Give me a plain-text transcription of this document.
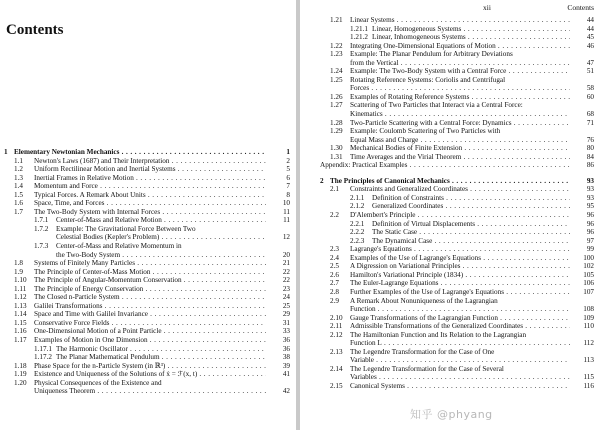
Contents
1 Elementary Newtonian Mechanics . . .	1
1.1 Newton's Laws (1687) and Their Interpretation . . .	2
1.2 Uniform Rectilinear Motion and Inertial Systems . . .	5
1.3 Inertial Frames in Relative Motion . . .	6
1.4 Momentum and Force . . .	7
1.5 Typical Forces. A Remark About Units . . .	8
1.6 Space, Time, and Forces . . .	10
1.7 The Two-Body System with Internal Forces . . .	11
1.7.1 Center-of-Mass and Relative Motion . . .	11
1.7.2 Example: The Gravitational Force Between Two
Celestial Bodies (Kepler's Problem) . . .	12
1.7.3 Center-of-Mass and Relative Momentum in
the Two-Body System . . .	20
1.8 Systems of Finitely Many Particles . . .	21
1.9 The Principle of Center-of-Mass Motion . . .	22
1.10 The Principle of Angular-Momentum Conservation . . .	22
1.11 The Principle of Energy Conservation . . .	23
1.12 The Closed n-Particle System . . .	24
1.13 Galilei Transformations . . .	25
1.14 Space and Time with Galilei Invariance . . .	29
1.15 Conservative Force Fields . . .	31
1.16 One-Dimensional Motion of a Point Particle . . .	33
1.17 Examples of Motion in One Dimension . . .	36
1.17.1 The Harmonic Oscillator . . .	36
1.17.2 The Planar Mathematical Pendulum . . .	38
1.18 Phase Space for the n-Particle System (in ℝ³) . . .	39
1.19 Existence and Uniqueness of the Solutions of ẋ = ℱ(x, t) . . .	41
1.20 Physical Consequences of the Existence and
Uniqueness Theorem . . .	42
xii	Contents
1.21 Linear Systems . . .	44
1.21.1 Linear, Homogeneous Systems . . .	44
1.21.2 Linear, Inhomogeneous Systems . . .	45
1.22 Integrating One-Dimensional Equations of Motion . . .	46
1.23 Example: The Planar Pendulum for Arbitrary Deviations
from the Vertical . . .	47
1.24 Example: The Two-Body System with a Central Force . . .	51
1.25 Rotating Reference Systems: Coriolis and Centrifugal
Forces . . .	58
1.26 Examples of Rotating Reference Systems . . .	60
1.27 Scattering of Two Particles that Interact via a Central Force:
Kinematics . . .	68
1.28 Two-Particle Scattering with a Central Force: Dynamics . . .	71
1.29 Example: Coulomb Scattering of Two Particles with
Equal Mass and Charge . . .	76
1.30 Mechanical Bodies of Finite Extension . . .	80
1.31 Time Averages and the Virial Theorem . . .	84
Appendix: Practical Examples . . .	86
2 The Principles of Canonical Mechanics . . .	93
2.1 Constraints and Generalized Coordinates . . .	93
2.1.1 Definition of Constraints . . .	93
2.1.2 Generalized Coordinates . . .	95
2.2 D'Alembert's Principle . . .	96
2.2.1 Definition of Virtual Displacements . . .	96
2.2.2 The Static Case . . .	96
2.2.3 The Dynamical Case . . .	97
2.3 Lagrange's Equations . . .	99
2.4 Examples of the Use of Lagrange's Equations . . .	100
2.5 A Digression on Variational Principles . . .	102
2.6 Hamilton's Variational Principle (1834) . . .	105
2.7 The Euler-Lagrange Equations . . .	106
2.8 Further Examples of the Use of Lagrange's Equations . . .	107
2.9 A Remark About Nonuniqueness of the Lagrangian
Function . . .	108
2.10 Gauge Transformations of the Lagrangian Function . . .	109
2.11 Admissible Transformations of the Generalized Coordinates . . .	110
2.12 The Hamiltonian Function and Its Relation to the Lagrangian
Function L . . .	112
2.13 The Legendre Transformation for the Case of One
Variable . . .	113
2.14 The Legendre Transformation for the Case of Several
Variables . . .	115
2.15 Canonical Systems . . .	116
知乎 @phyang
